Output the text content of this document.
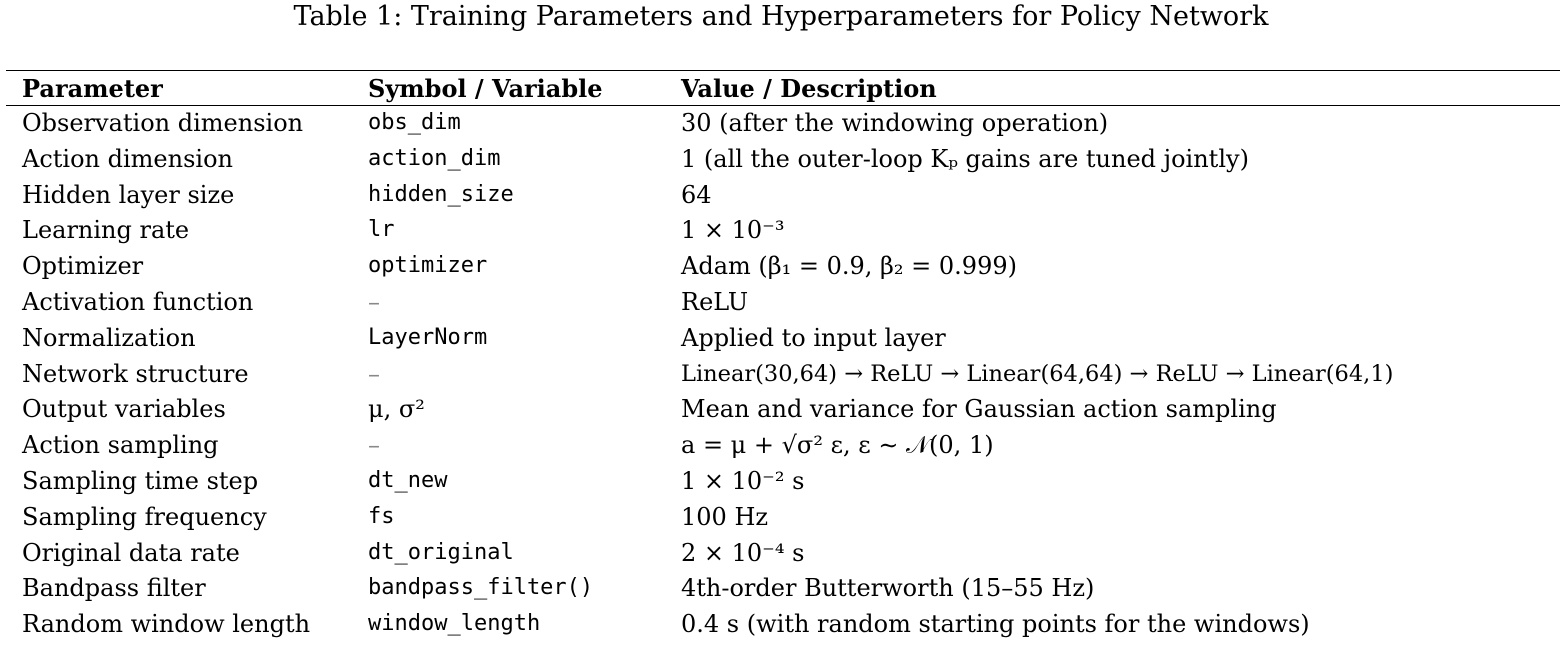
Table 1: Training Parameters and Hyperparameters for Policy Network
Parameter	Symbol / Variable	Value / Description
Observation dimension	obs_dim	30 (after the windowing operation)
Action dimension	action_dim	1 (all the outer-loop Kₚ gains are tuned jointly)
Hidden layer size	hidden_size	64
Learning rate	lr	1 × 10⁻³
Optimizer	optimizer	Adam (β₁ = 0.9, β₂ = 0.999)
Activation function	–	ReLU
Normalization	LayerNorm	Applied to input layer
Network structure	–	Linear(30,64) → ReLU → Linear(64,64) → ReLU → Linear(64,1)
Output variables	μ, σ²	Mean and variance for Gaussian action sampling
Action sampling	–	a = μ + √σ² ε, ε ∼ 𝒩(0, 1)
Sampling time step	dt_new	1 × 10⁻² s
Sampling frequency	fs	100 Hz
Original data rate	dt_original	2 × 10⁻⁴ s
Bandpass filter	bandpass_filter()	4th-order Butterworth (15–55 Hz)
Random window length	window_length	0.4 s (with random starting points for the windows)
